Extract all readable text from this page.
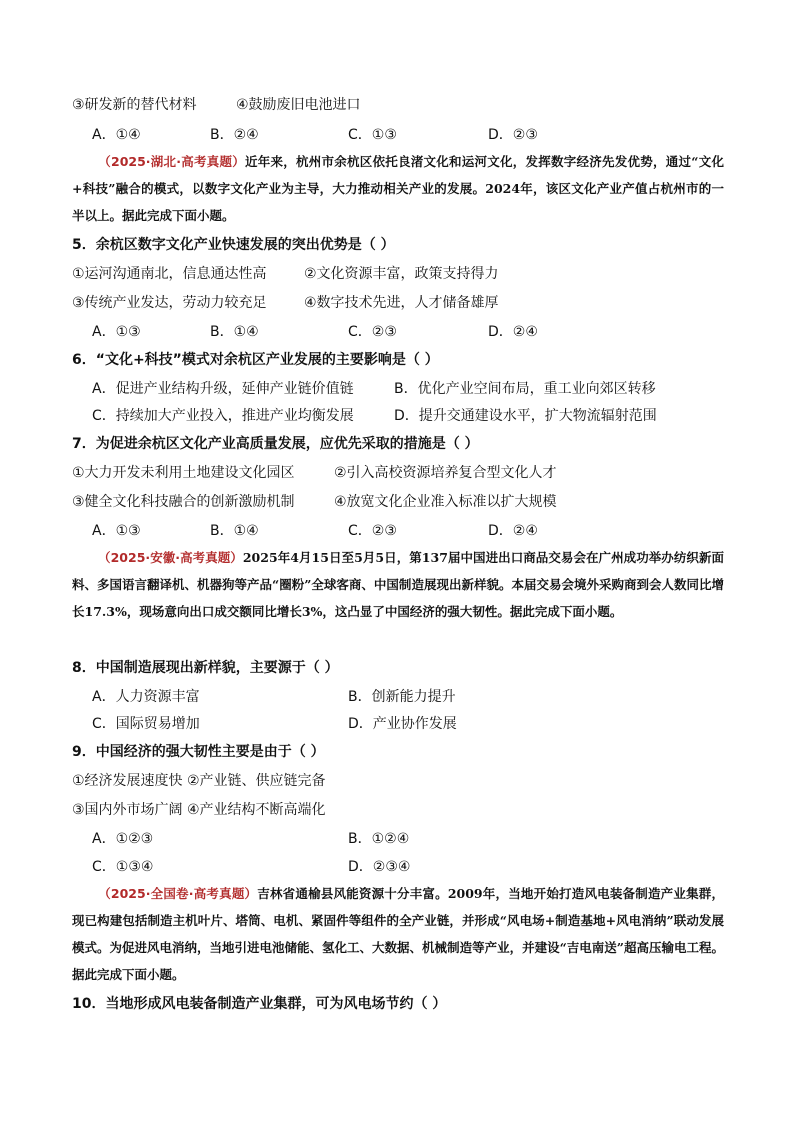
③研发新的替代材料	④鼓励废旧电池进口
A．①④	B．②④	C．①③	D．②③
（2025·湖北·高考真题）近年来，杭州市余杭区依托良渚文化和运河文化，发挥数字经济先发优势，通过“文化+科技”融合的模式，以数字文化产业为主导，大力推动相关产业的发展。2024年，该区文化产业产值占杭州市的一半以上。据此完成下面小题。
5．余杭区数字文化产业快速发展的突出优势是（ ）
①运河沟通南北，信息通达性高	②文化资源丰富，政策支持得力
③传统产业发达，劳动力较充足	④数字技术先进，人才储备雄厚
A．①③	B．①④	C．②③	D．②④
6．“文化+科技”模式对余杭区产业发展的主要影响是（ ）
A．促进产业结构升级，延伸产业链价值链	B．优化产业空间布局，重工业向郊区转移
C．持续加大产业投入，推进产业均衡发展	D．提升交通建设水平，扩大物流辐射范围
7．为促进余杭区文化产业高质量发展，应优先采取的措施是（ ）
①大力开发未利用土地建设文化园区	②引入高校资源培养复合型文化人才
③健全文化科技融合的创新激励机制	④放宽文化企业准入标准以扩大规模
A．①③	B．①④	C．②③	D．②④
（2025·安徽·高考真题）2025年4月15日至5月5日，第137届中国进出口商品交易会在广州成功举办纺织新面料、多国语言翻译机、机器狗等产品“圈粉”全球客商、中国制造展现出新样貌。本届交易会境外采购商到会人数同比增长17.3%，现场意向出口成交额同比增长3%，这凸显了中国经济的强大韧性。据此完成下面小题。
8．中国制造展现出新样貌，主要源于（ ）
A．人力资源丰富	B．创新能力提升
C．国际贸易增加	D．产业协作发展
9．中国经济的强大韧性主要是由于（ ）
①经济发展速度快 ②产业链、供应链完备
③国内外市场广阔 ④产业结构不断高端化
A．①②③	B．①②④
C．①③④	D．②③④
（2025·全国卷·高考真题）吉林省通榆县风能资源十分丰富。2009年，当地开始打造风电装备制造产业集群，现已构建包括制造主机叶片、塔筒、电机、紧固件等组件的全产业链，并形成“风电场+制造基地+风电消纳”联动发展模式。为促进风电消纳，当地引进电池储能、氢化工、大数据、机械制造等产业，并建设“吉电南送”超高压输电工程。据此完成下面小题。
10．当地形成风电装备制造产业集群，可为风电场节约（ ）
